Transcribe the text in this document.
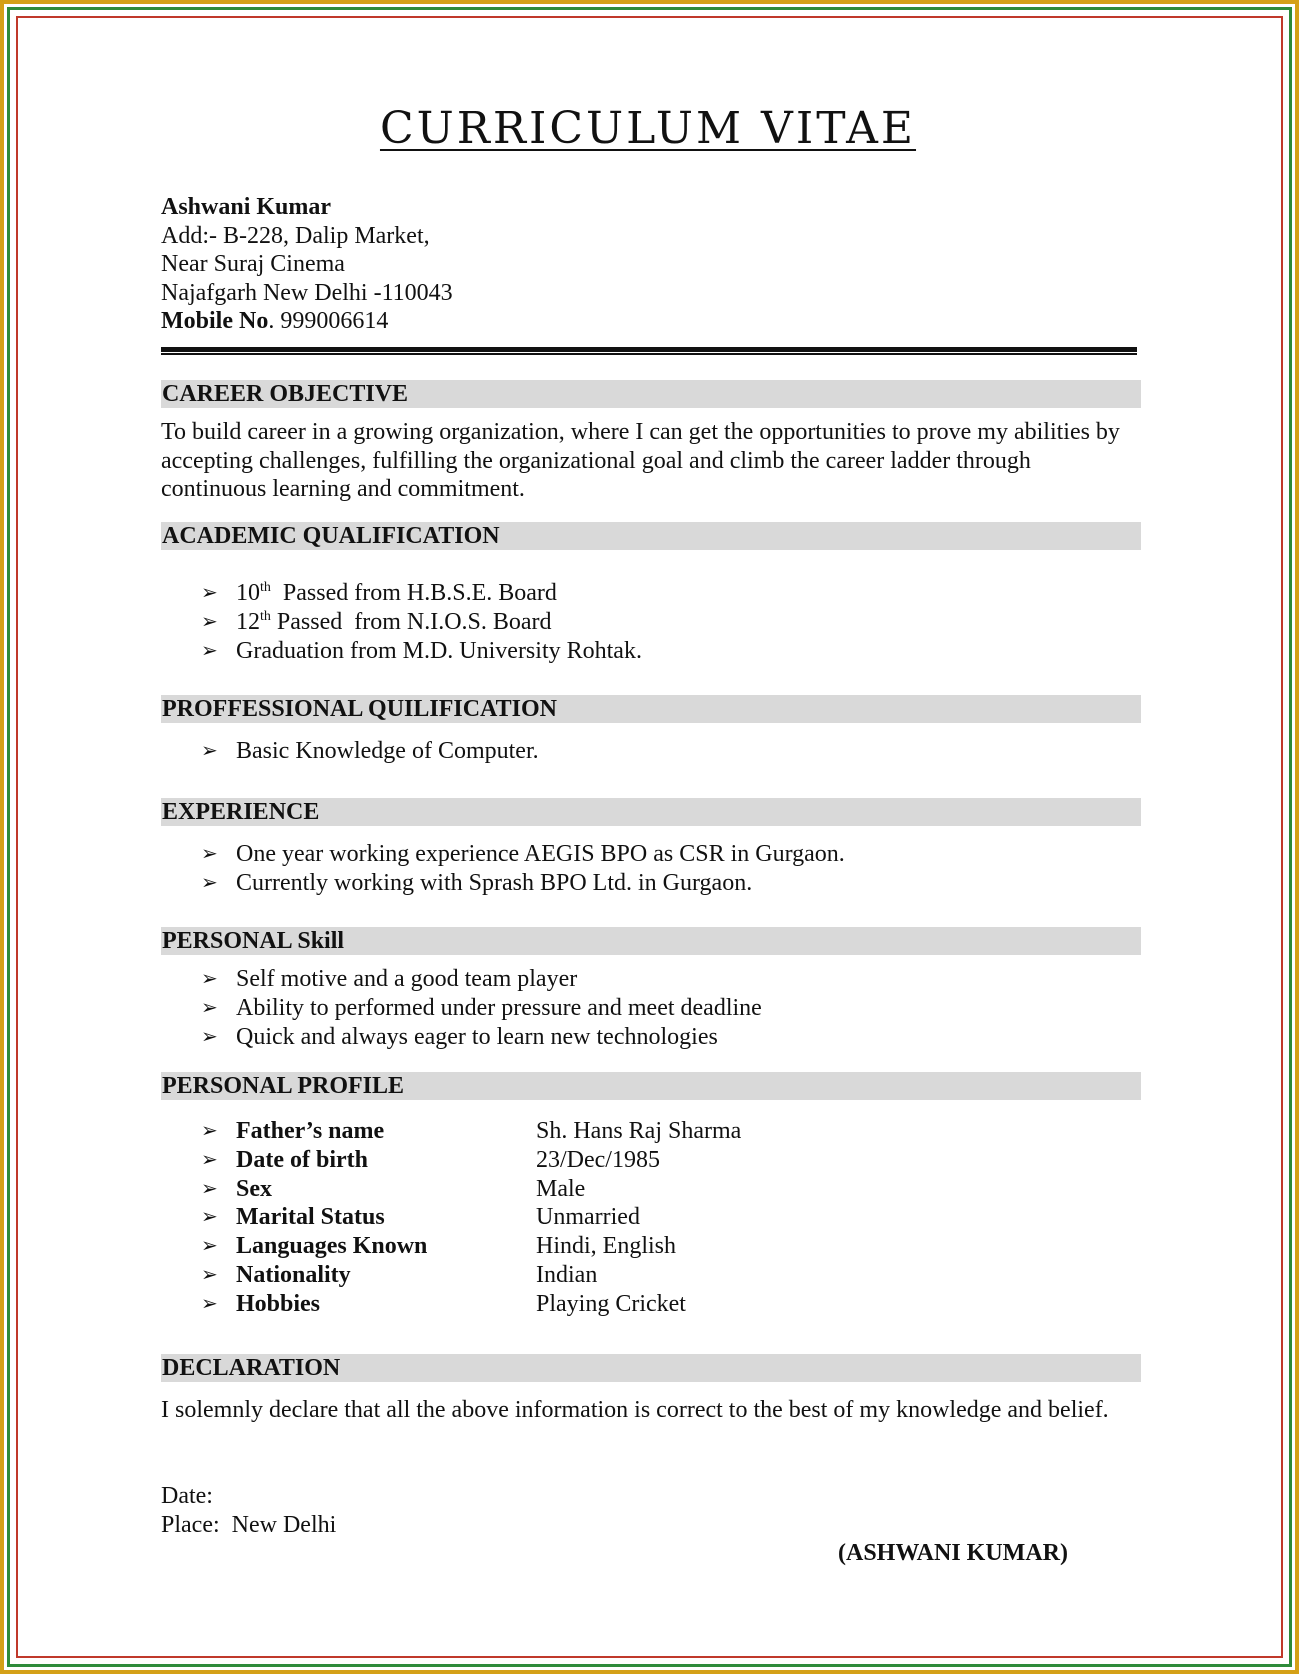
CURRICULUM VITAE
Ashwani Kumar
Add:- B-228, Dalip Market,
Near Suraj Cinema
Najafgarh New Delhi -110043
Mobile No. 999006614
CAREER OBJECTIVE
To build career in a growing organization, where I can get the opportunities to prove my abilities by accepting challenges, fulfilling the organizational goal and climb the career ladder through continuous learning and commitment.
ACADEMIC QUALIFICATION
➢ 10th  Passed from H.B.S.E. Board
➢ 12th Passed  from N.I.O.S. Board
➢ Graduation from M.D. University Rohtak.
PROFFESSIONAL QUILIFICATION
➢ Basic Knowledge of Computer.
EXPERIENCE
➢ One year working experience AEGIS BPO as CSR in Gurgaon.
➢ Currently working with Sprash BPO Ltd. in Gurgaon.
PERSONAL Skill
➢ Self motive and a good team player
➢ Ability to performed under pressure and meet deadline
➢ Quick and always eager to learn new technologies
PERSONAL PROFILE
➢ Father’s name	Sh. Hans Raj Sharma
➢ Date of birth	23/Dec/1985
➢ Sex	Male
➢ Marital Status	Unmarried
➢ Languages Known	Hindi, English
➢ Nationality	Indian
➢ Hobbies	Playing Cricket
DECLARATION
I solemnly declare that all the above information is correct to the best of my knowledge and belief.
Date:
Place:  New Delhi
(ASHWANI KUMAR)
